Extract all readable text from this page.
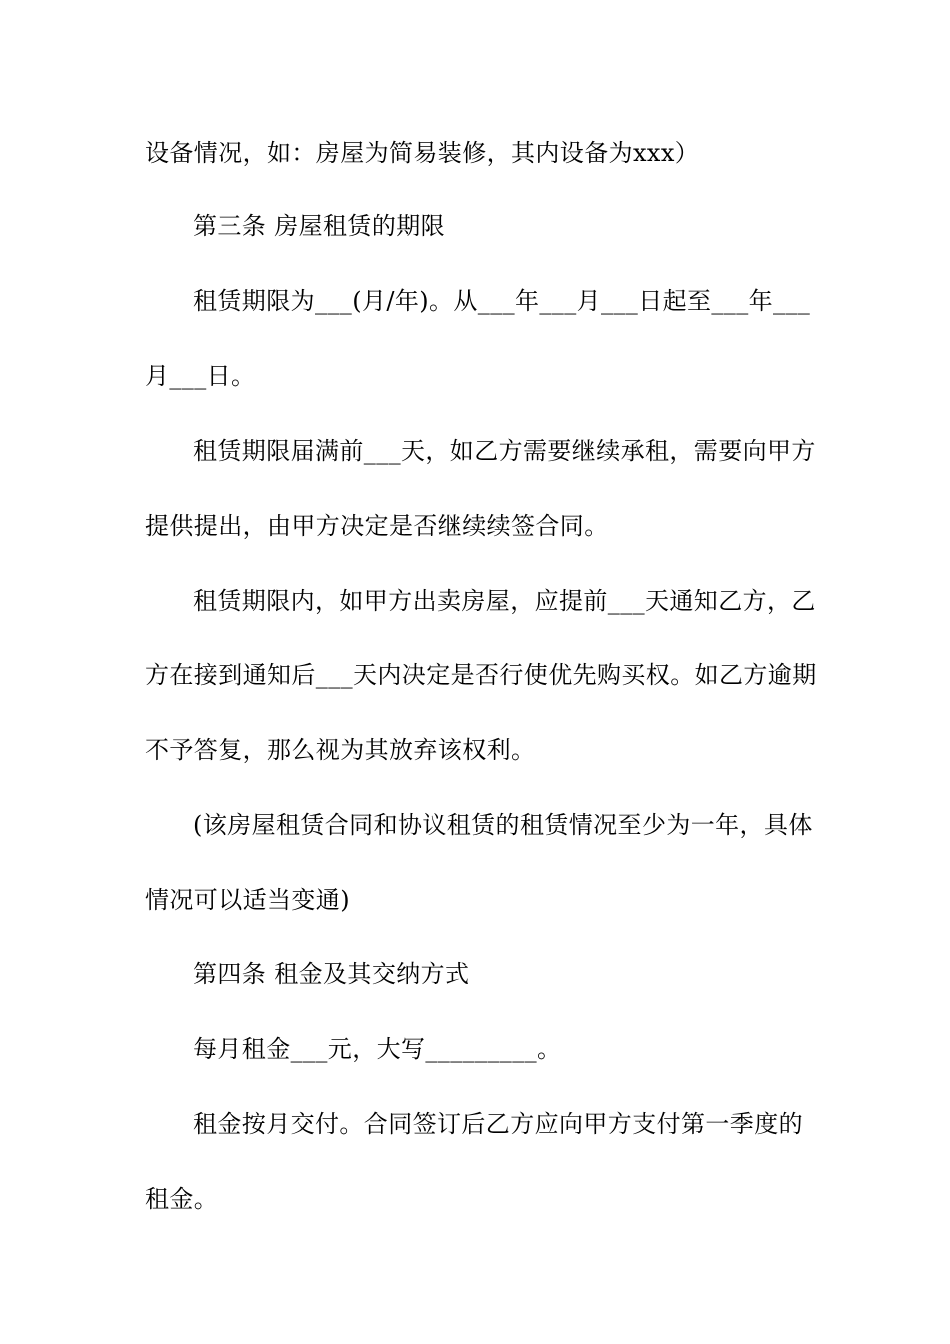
设备情况，如：房屋为简易装修，其内设备为xxx）
第三条 房屋租赁的期限
租赁期限为___(月/年)。从___年___月___日起至___年___
月___日。
租赁期限届满前___天，如乙方需要继续承租，需要向甲方
提供提出，由甲方决定是否继续续签合同。
租赁期限内，如甲方出卖房屋，应提前___天通知乙方，乙
方在接到通知后___天内决定是否行使优先购买权。如乙方逾期
不予答复，那么视为其放弃该权利。
(该房屋租赁合同和协议租赁的租赁情况至少为一年，具体
情况可以适当变通)
第四条 租金及其交纳方式
每月租金___元，大写_________。
租金按月交付。合同签订后乙方应向甲方支付第一季度的
租金。
